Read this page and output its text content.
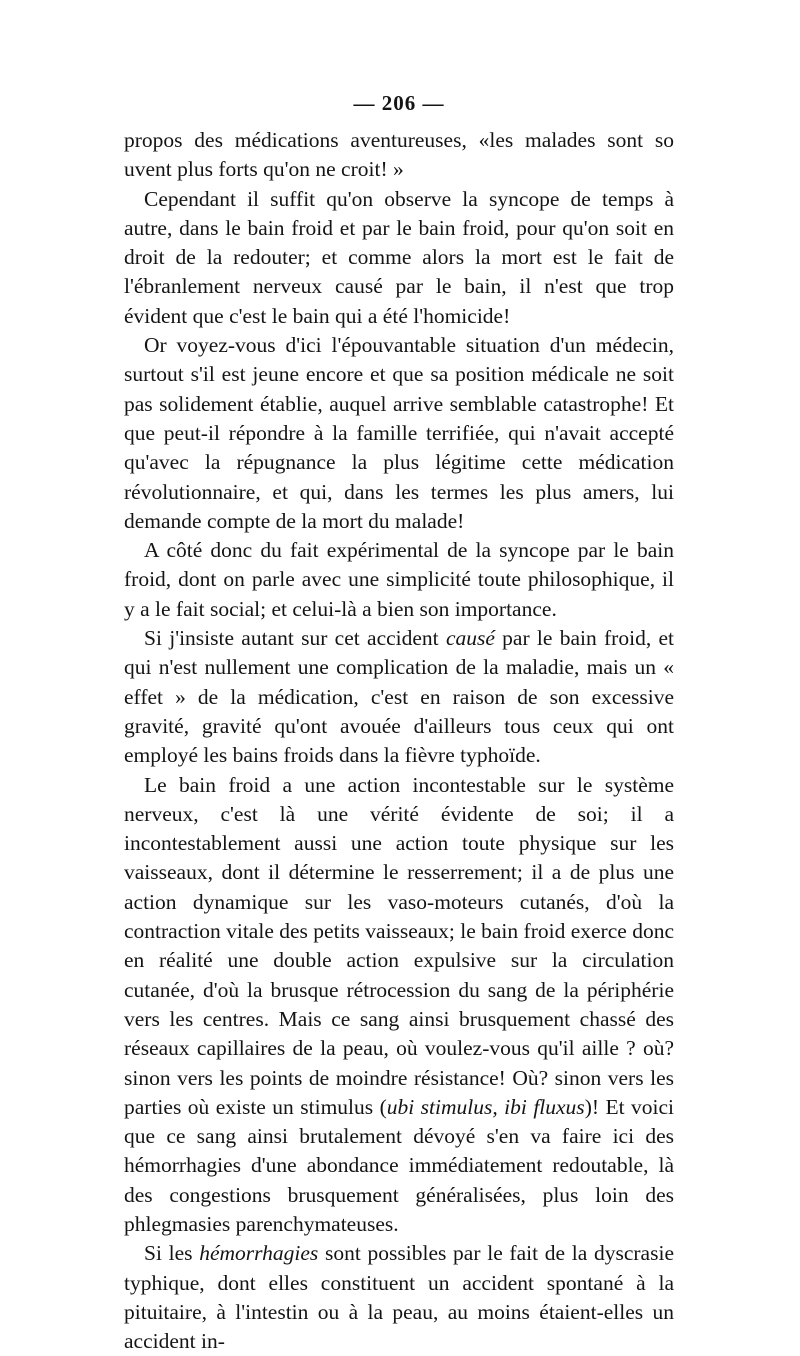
— 206 —

propos des médications aventureuses, «les malades sont so uvent plus forts qu'on ne croit! »

Cependant il suffit qu'on observe la syncope de temps à autre, dans le bain froid et par le bain froid, pour qu'on soit en droit de la redouter; et comme alors la mort est le fait de l'ébranlement nerveux causé par le bain, il n'est que trop évident que c'est le bain qui a été l'homicide!

Or voyez-vous d'ici l'épouvantable situation d'un médecin, surtout s'il est jeune encore et que sa position médicale ne soit pas solidement établie, auquel arrive semblable catastrophe! Et que peut-il répondre à la famille terrifiée, qui n'avait accepté qu'avec la répugnance la plus légitime cette médication révolutionnaire, et qui, dans les termes les plus amers, lui demande compte de la mort du malade!

A côté donc du fait expérimental de la syncope par le bain froid, dont on parle avec une simplicité toute philosophique, il y a le fait social; et celui-là a bien son importance.

Si j'insiste autant sur cet accident causé par le bain froid, et qui n'est nullement une complication de la maladie, mais un « effet » de la médication, c'est en raison de son excessive gravité, gravité qu'ont avouée d'ailleurs tous ceux qui ont employé les bains froids dans la fièvre typhoïde.

Le bain froid a une action incontestable sur le système nerveux, c'est là une vérité évidente de soi; il a incontestablement aussi une action toute physique sur les vaisseaux, dont il détermine le resserrement; il a de plus une action dynamique sur les vaso-moteurs cutanés, d'où la contraction vitale des petits vaisseaux; le bain froid exerce donc en réalité une double action expulsive sur la circulation cutanée, d'où la brusque rétrocession du sang de la périphérie vers les centres. Mais ce sang ainsi brusquement chassé des réseaux capillaires de la peau, où voulez-vous qu'il aille ? où? sinon vers les points de moindre résistance! Où? sinon vers les parties où existe un stimulus (ubi stimulus, ibi fluxus)! Et voici que ce sang ainsi brutalement dévoyé s'en va faire ici des hémorrhagies d'une abondance immédiatement redoutable, là des congestions brusquement généralisées, plus loin des phlegmasies parenchymateuses.

Si les hémorrhagies sont possibles par le fait de la dyscrasie typhique, dont elles constituent un accident spontané à la pituitaire, à l'intestin ou à la peau, au moins étaient-elles un accident in-
